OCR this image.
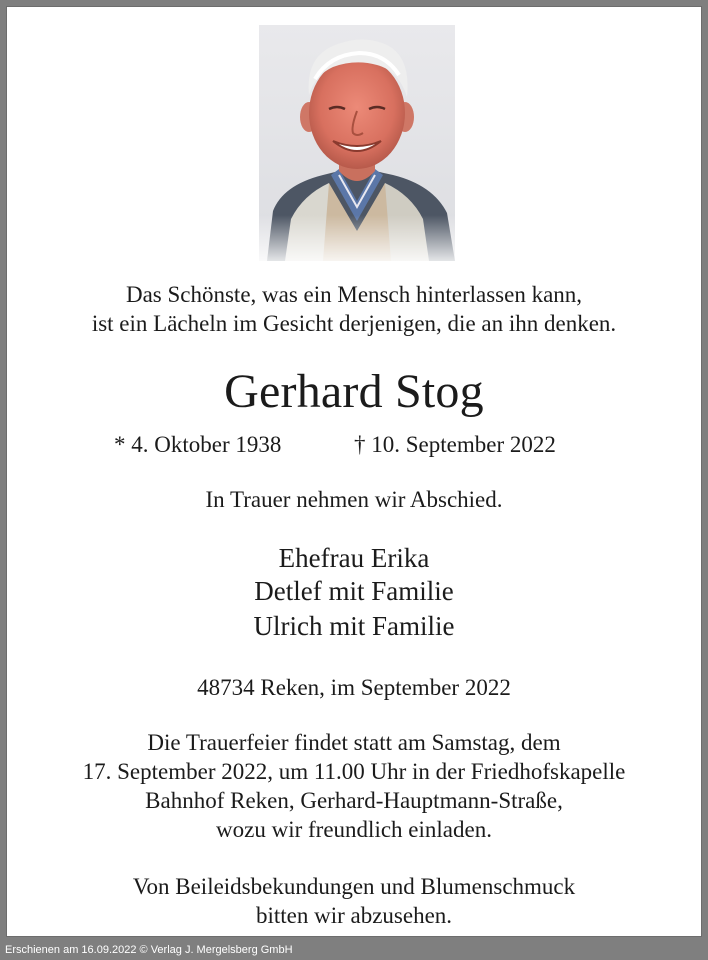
Das Schönste, was ein Mensch hinterlassen kann,
ist ein Lächeln im Gesicht derjenigen, die an ihn denken.
Gerhard Stog
* 4. Oktober 1938	† 10. September 2022
In Trauer nehmen wir Abschied.
Ehefrau Erika
Detlef mit Familie
Ulrich mit Familie
48734 Reken, im September 2022
Die Trauerfeier findet statt am Samstag, dem
17. September 2022, um 11.00 Uhr in der Friedhofskapelle
Bahnhof Reken, Gerhard-Hauptmann-Straße,
wozu wir freundlich einladen.
Von Beileidsbekundungen und Blumenschmuck
bitten wir abzusehen.
Erschienen am 16.09.2022 © Verlag J. Mergelsberg GmbH
